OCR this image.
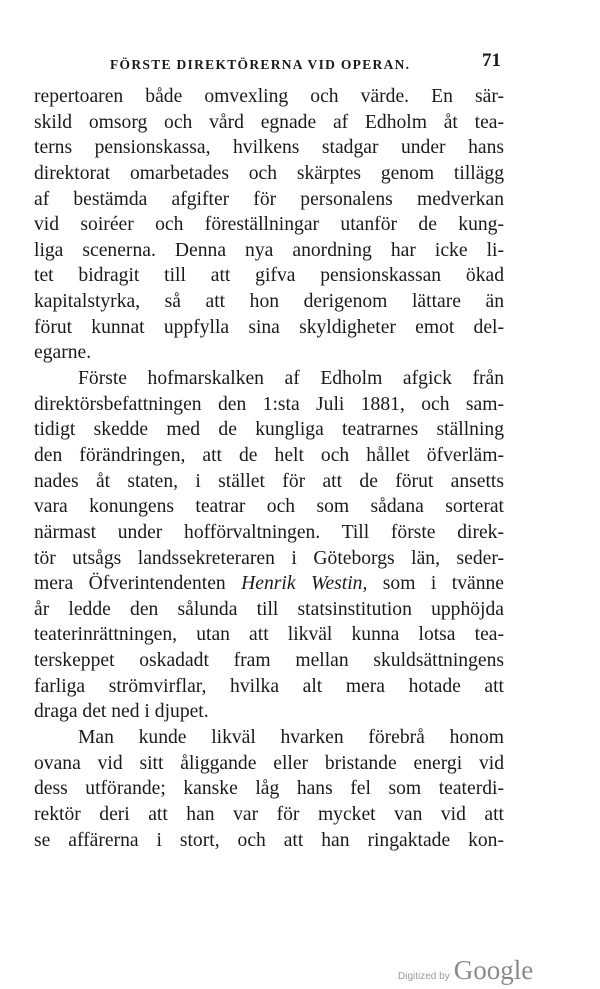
FÖRSTE DIREKTÖRERNA VID OPERAN.	71
repertoaren både omvexling och värde. En sär-
skild omsorg och vård egnade af Edholm åt tea-
terns pensionskassa, hvilkens stadgar under hans
direktorat omarbetades och skärptes genom tillägg
af bestämda afgifter för personalens medverkan
vid soiréer och föreställningar utanför de kung-
liga scenerna. Denna nya anordning har icke li-
tet bidragit till att gifva pensionskassan ökad
kapitalstyrka, så att hon derigenom lättare än
förut kunnat uppfylla sina skyldigheter emot del-
egarne.
Förste hofmarskalken af Edholm afgick från
direktörsbefattningen den 1:sta Juli 1881, och sam-
tidigt skedde med de kungliga teatrarnes ställning
den förändringen, att de helt och hållet öfverläm-
nades åt staten, i stället för att de förut ansetts
vara konungens teatrar och som sådana sorterat
närmast under hofförvaltningen. Till förste direk-
tör utsågs landssekreteraren i Göteborgs län, seder-
mera Öfverintendenten Henrik Westin, som i tvänne
år ledde den sålunda till statsinstitution upphöjda
teaterinrättningen, utan att likväl kunna lotsa tea-
terskeppet oskadadt fram mellan skuldsättningens
farliga strömvirflar, hvilka alt mera hotade att
draga det ned i djupet.
Man kunde likväl hvarken förebrå honom
ovana vid sitt åliggande eller bristande energi vid
dess utförande; kanske låg hans fel som teaterdi-
rektör deri att han var för mycket van vid att
se affärerna i stort, och att han ringaktade kon-
Digitized by Google
